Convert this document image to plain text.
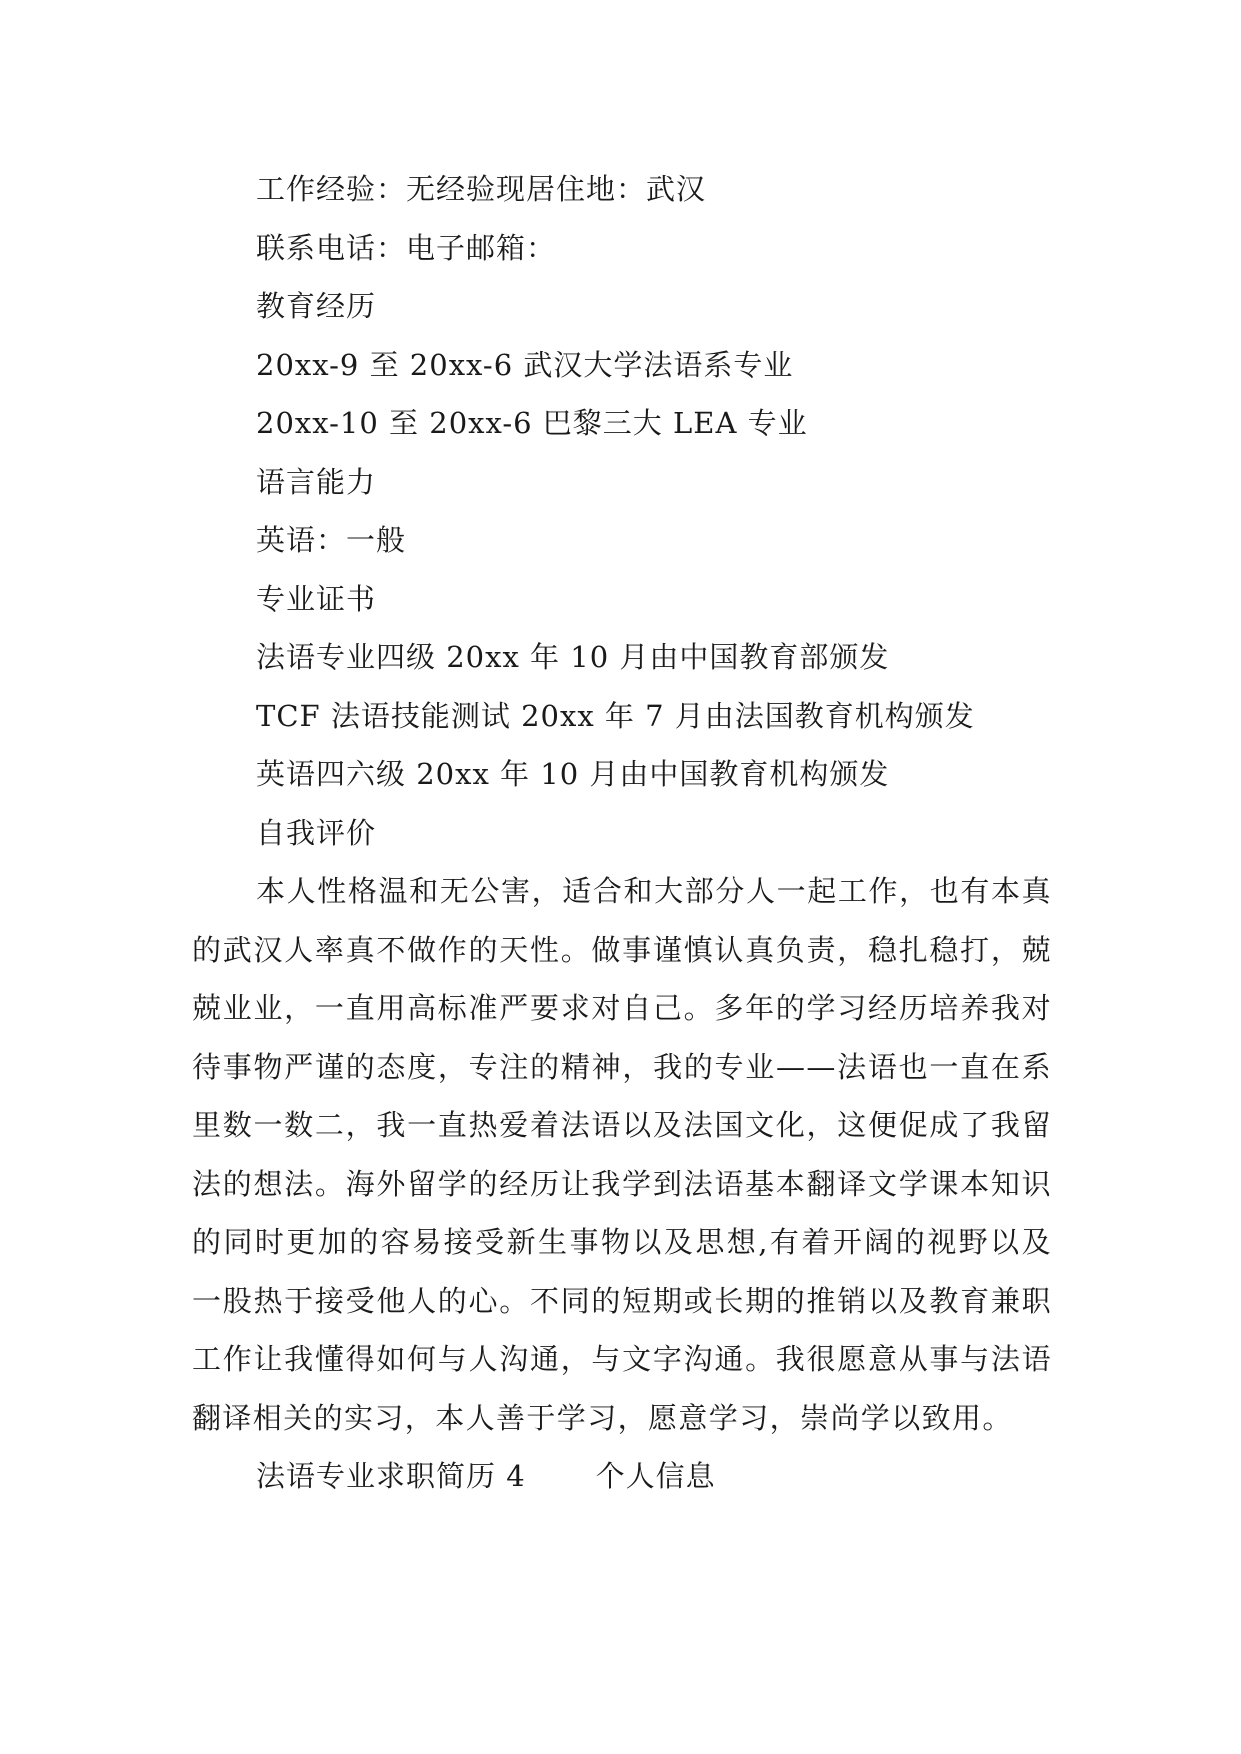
工作经验：无经验现居住地：武汉
联系电话：电子邮箱：
教育经历
20xx-9 至 20xx-6 武汉大学法语系专业
20xx-10 至 20xx-6 巴黎三大 LEA 专业
语言能力
英语：一般
专业证书
法语专业四级 20xx 年 10 月由中国教育部颁发
TCF 法语技能测试 20xx 年 7 月由法国教育机构颁发
英语四六级 20xx 年 10 月由中国教育机构颁发
自我评价

本人性格温和无公害，适合和大部分人一起工作，也有本真的武汉人率真不做作的天性。做事谨慎认真负责，稳扎稳打，兢兢业业，一直用高标准严要求对自己。多年的学习经历培养我对待事物严谨的态度，专注的精神，我的专业——法语也一直在系里数一数二，我一直热爱着法语以及法国文化，这便促成了我留法的想法。海外留学的经历让我学到法语基本翻译文学课本知识的同时更加的容易接受新生事物以及思想,有着开阔的视野以及一股热于接受他人的心。不同的短期或长期的推销以及教育兼职工作让我懂得如何与人沟通，与文字沟通。我很愿意从事与法语翻译相关的实习，本人善于学习，愿意学习，崇尚学以致用。

法语专业求职简历 4 个人信息
